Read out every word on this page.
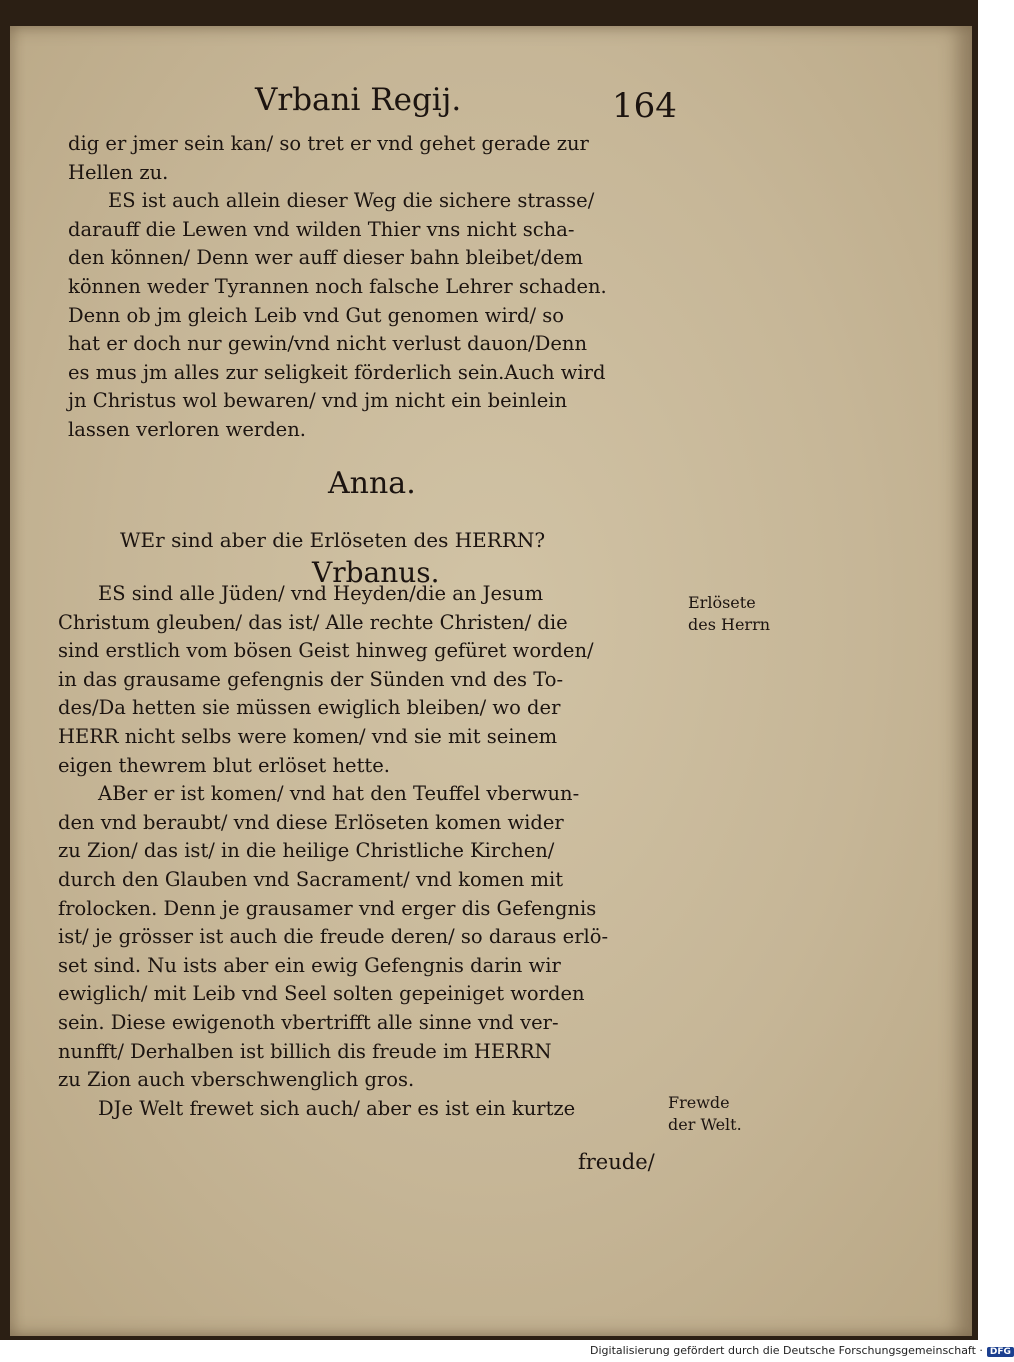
Vrbani Regij.	164
dig er jmer sein kan/ so tret er vnd gehet gerade zur
Hellen zu.
ES ist auch allein dieser Weg die sichere strasse/
darauff die Lewen vnd wilden Thier vns nicht scha-
den können/ Denn wer auff dieser bahn bleibet/dem
können weder Tyrannen noch falsche Lehrer schaden.
Denn ob jm gleich Leib vnd Gut genomen wird/ so
hat er doch nur gewin/vnd nicht verlust dauon/Denn
es mus jm alles zur seligkeit förderlich sein.Auch wird
jn Christus wol bewaren/ vnd jm nicht ein beinlein
lassen verloren werden.
Anna.
WEr sind aber die Erlöseten des HERRN?
Vrbanus.
ES sind alle Jüden/ vnd Heyden/die an Jesum
Christum gleuben/ das ist/ Alle rechte Christen/ die
sind erstlich vom bösen Geist hinweg gefüret worden/
in das grausame gefengnis der Sünden vnd des To-
des/Da hetten sie müssen ewiglich bleiben/ wo der
HERR nicht selbs were komen/ vnd sie mit seinem
eigen thewrem blut erlöset hette.
ABer er ist komen/ vnd hat den Teuffel vberwun-
den vnd beraubt/ vnd diese Erlöseten komen wider
zu Zion/ das ist/ in die heilige Christliche Kirchen/
durch den Glauben vnd Sacrament/ vnd komen mit
frolocken. Denn je grausamer vnd erger dis Gefengnis
ist/ je grösser ist auch die freude deren/ so daraus erlö-
set sind. Nu ists aber ein ewig Gefengnis darin wir
ewiglich/ mit Leib vnd Seel solten gepeiniget worden
sein. Diese ewigenoth vbertrifft alle sinne vnd ver-
nunfft/ Derhalben ist billich dis freude im HERRN
zu Zion auch vberschwenglich gros.
DJe Welt frewet sich auch/ aber es ist ein kurtze
Erlösete
des Herrn
Frewde
der Welt.
freude/
Digitalisierung gefördert durch die Deutsche Forschungsgemeinschaft · DFG
